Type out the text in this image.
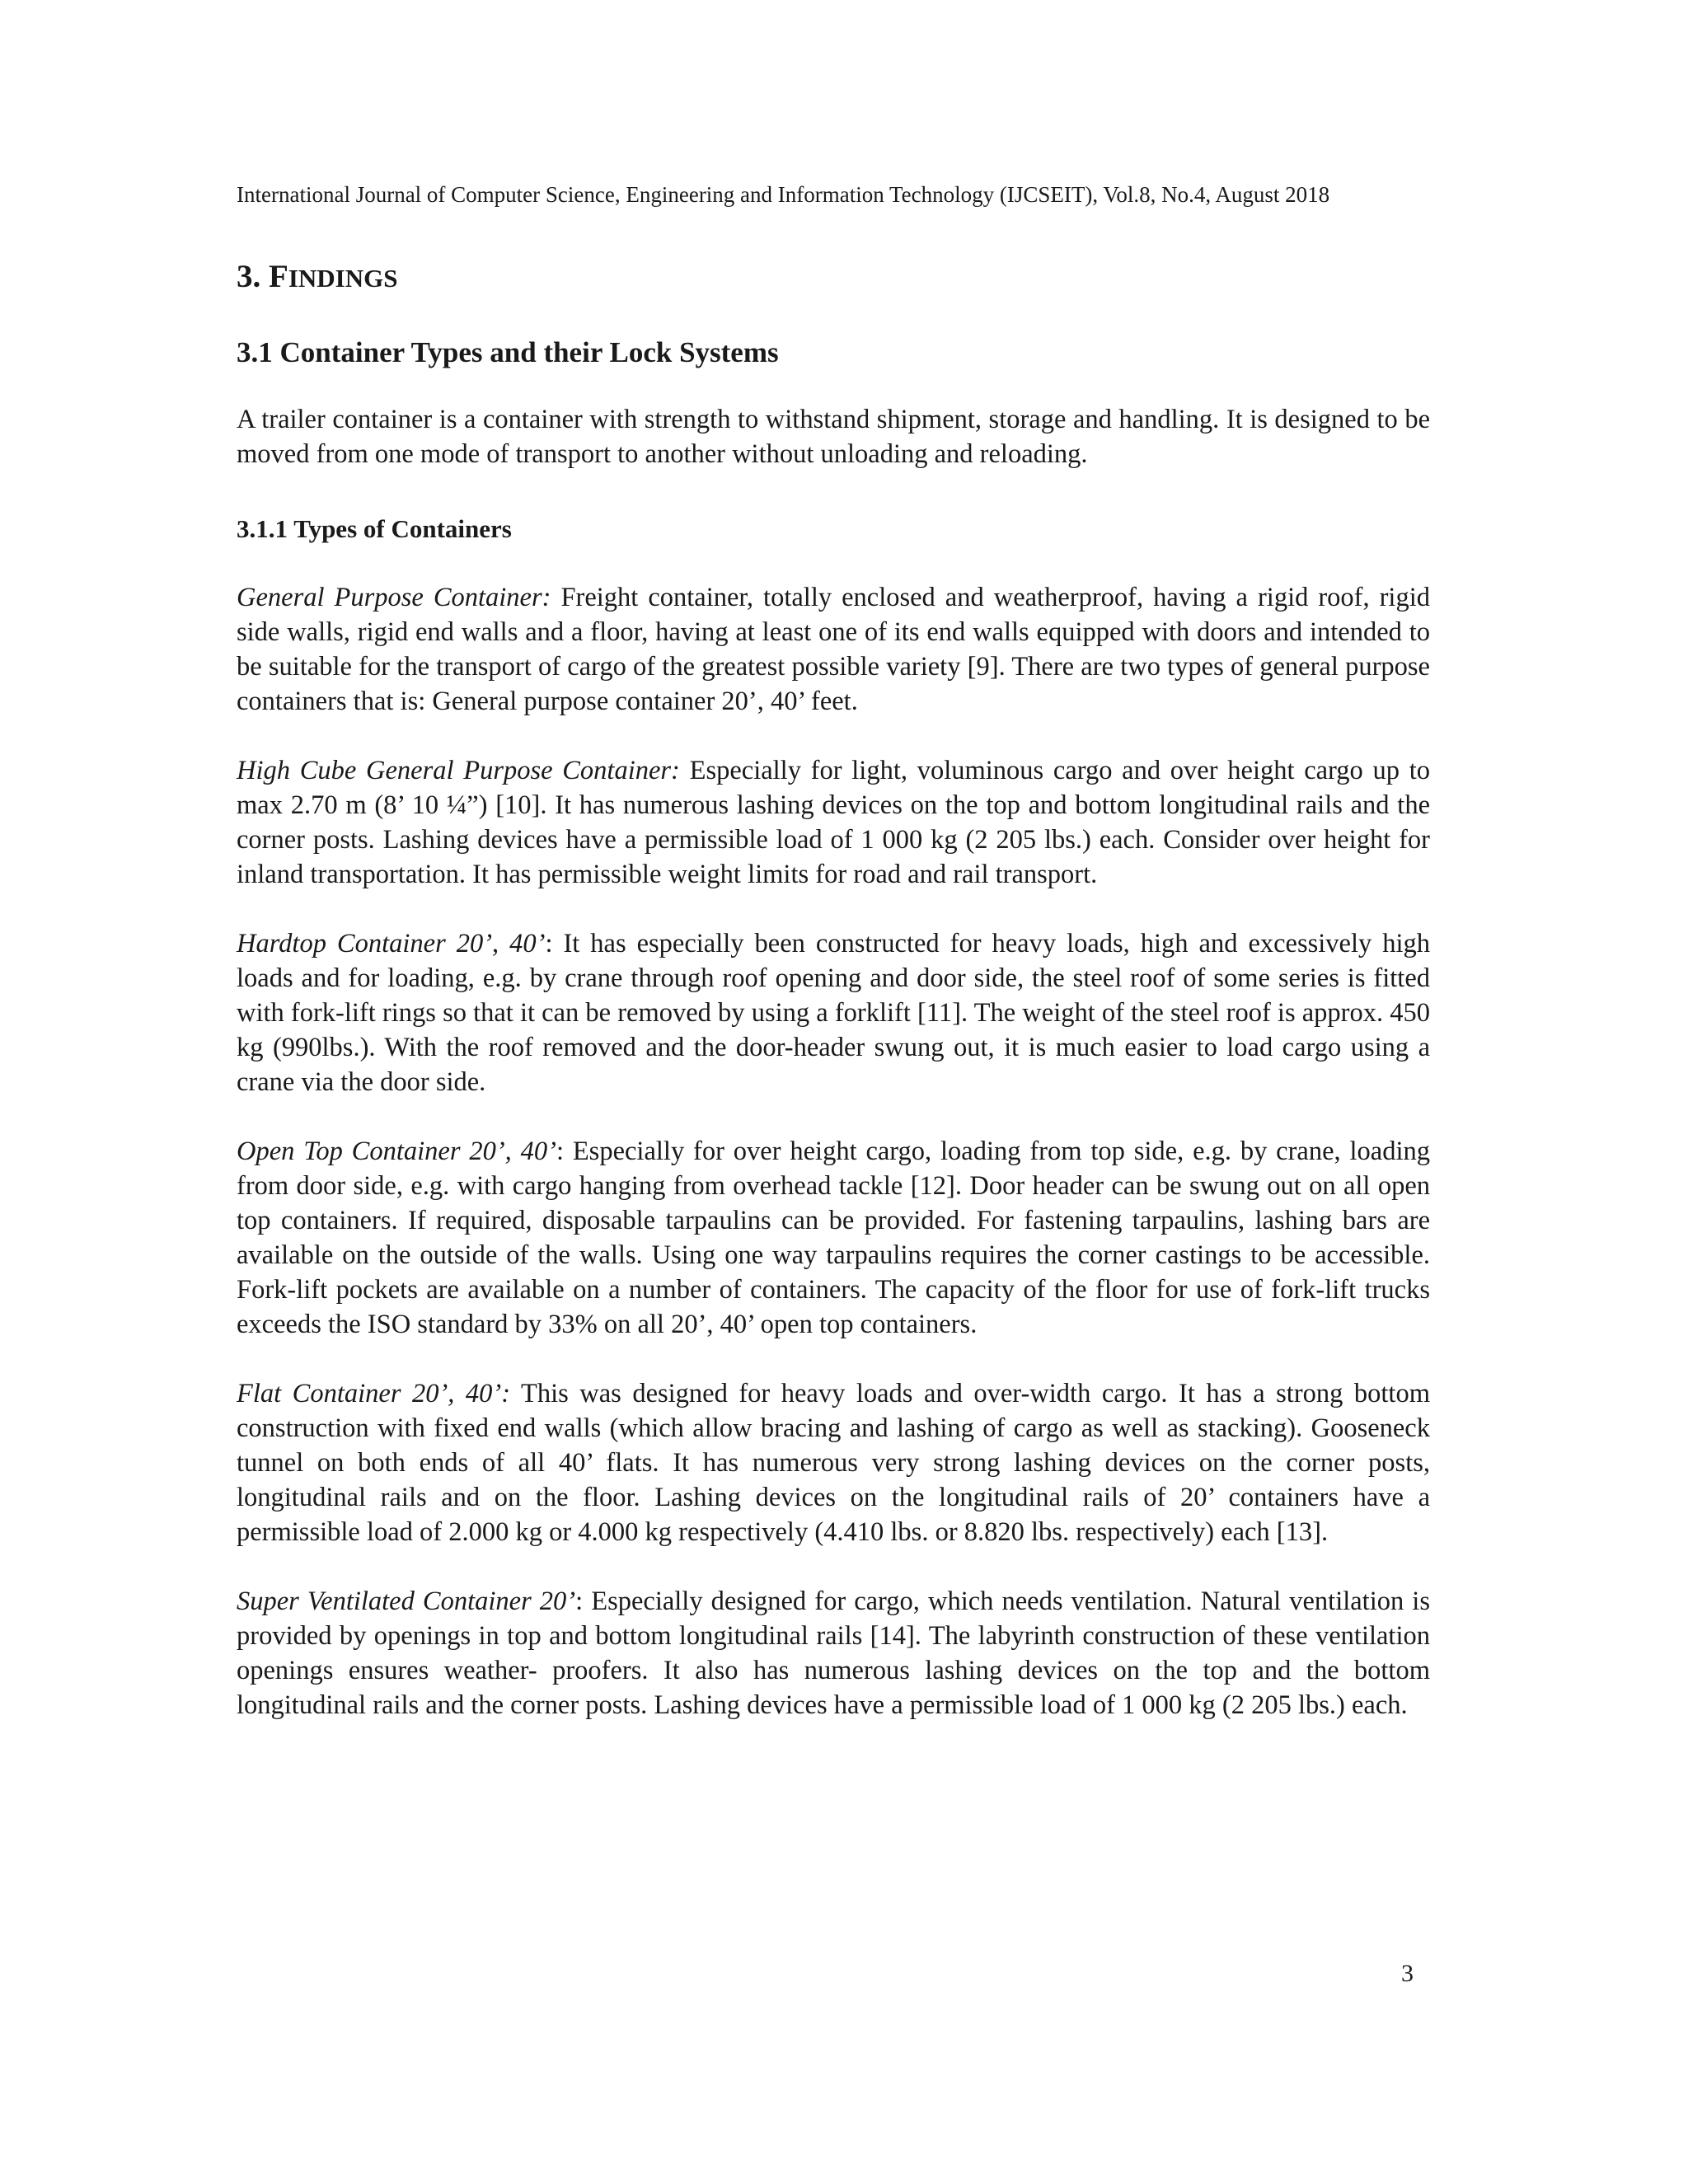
International Journal of Computer Science, Engineering and Information Technology (IJCSEIT), Vol.8, No.4, August 2018
3. FINDINGS
3.1 Container Types and their Lock Systems

A trailer container is a container with strength to withstand shipment, storage and handling. It is designed to be moved from one mode of transport to another without unloading and reloading.

3.1.1 Types of Containers

General Purpose Container: Freight container, totally enclosed and weatherproof, having a rigid roof, rigid side walls, rigid end walls and a floor, having at least one of its end walls equipped with doors and intended to be suitable for the transport of cargo of the greatest possible variety [9]. There are two types of general purpose containers that is: General purpose container 20’, 40’ feet.

High Cube General Purpose Container: Especially for light, voluminous cargo and over height cargo up to max 2.70 m (8’ 10 ¼”) [10]. It has numerous lashing devices on the top and bottom longitudinal rails and the corner posts. Lashing devices have a permissible load of 1 000 kg (2 205 lbs.) each. Consider over height for inland transportation. It has permissible weight limits for road and rail transport.

Hardtop Container 20’, 40’: It has especially been constructed for heavy loads, high and excessively high loads and for loading, e.g. by crane through roof opening and door side, the steel roof of some series is fitted with fork-lift rings so that it can be removed by using a forklift [11]. The weight of the steel roof is approx. 450 kg (990lbs.). With the roof removed and the door-header swung out, it is much easier to load cargo using a crane via the door side.

Open Top Container 20’, 40’: Especially for over height cargo, loading from top side, e.g. by crane, loading from door side, e.g. with cargo hanging from overhead tackle [12]. Door header can be swung out on all open top containers. If required, disposable tarpaulins can be provided. For fastening tarpaulins, lashing bars are available on the outside of the walls. Using one way tarpaulins requires the corner castings to be accessible. Fork-lift pockets are available on a number of containers. The capacity of the floor for use of fork-lift trucks exceeds the ISO standard by 33% on all 20’, 40’ open top containers.

Flat Container 20’, 40’: This was designed for heavy loads and over-width cargo. It has a strong bottom construction with fixed end walls (which allow bracing and lashing of cargo as well as stacking). Gooseneck tunnel on both ends of all 40’ flats. It has numerous very strong lashing devices on the corner posts, longitudinal rails and on the floor. Lashing devices on the longitudinal rails of 20’ containers have a permissible load of 2.000 kg or 4.000 kg respectively (4.410 lbs. or 8.820 lbs. respectively) each [13].

Super Ventilated Container 20’: Especially designed for cargo, which needs ventilation. Natural ventilation is provided by openings in top and bottom longitudinal rails [14]. The labyrinth construction of these ventilation openings ensures weather- proofers. It also has numerous lashing devices on the top and the bottom longitudinal rails and the corner posts. Lashing devices have a permissible load of 1 000 kg (2 205 lbs.) each.

3
